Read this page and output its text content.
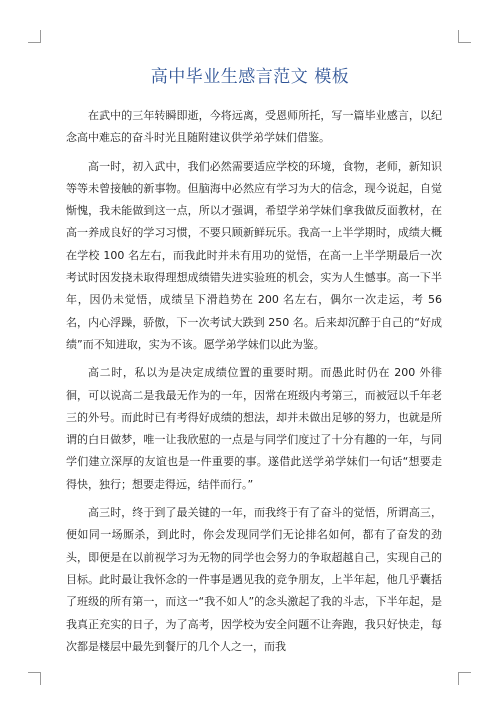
高中毕业生感言范文 模板

在武中的三年转瞬即逝，今将远离，受恩师所托，写一篇毕业感言，以纪念高中难忘的奋斗时光且随附建议供学弟学妹们借鉴。

高一时，初入武中，我们必然需要适应学校的环境，食物，老师，新知识等等未曾接触的新事物。但脑海中必然应有学习为大的信念，现今说起，自觉惭愧，我未能做到这一点，所以才强调，希望学弟学妹们拿我做反面教材，在高一养成良好的学习习惯，不要只顾新鲜玩乐。我高一上半学期时，成绩大概在学校 100 名左右，而我此时并未有用功的觉悟，在高一上半学期最后一次考试时因发挠未取得理想成绩错失进实验班的机会，实为人生憾事。高一下半年，因仍未觉悟，成绩呈下滑趋势在 200 名左右，偶尔一次走运，考 56 名，内心浮躁，骄傲，下一次考试大跌到 250 名。后来却沉醉于自己的“好成绩”而不知进取，实为不该。愿学弟学妹们以此为鉴。

高二时，私以为是决定成绩位置的重要时期。而愚此时仍在 200 外徘徊，可以说高二是我最无作为的一年，因常在班级内考第三，而被冠以千年老三的外号。而此时已有考得好成绩的想法，却并未做出足够的努力，也就是所谓的白日做梦，唯一让我欣慰的一点是与同学们度过了十分有趣的一年，与同学们建立深厚的友谊也是一件重要的事。遂借此送学弟学妹们一句话“想要走得快，独行；想要走得远，结伴而行。”

高三时，终于到了最关键的一年，而我终于有了奋斗的觉悟，所谓高三，便如同一场厮杀，到此时，你会发现同学们无论排名如何，都有了奋发的劲头，即便是在以前视学习为无物的同学也会努力的争取超越自己，实现自己的目标。此时最让我怀念的一件事是遇见我的竞争朋友，上半年起，他几乎囊括了班级的所有第一，而这一“我不如人”的念头激起了我的斗志，下半年起，是我真正充实的日子，为了高考，因学校为安全问题不让奔跑，我只好快走，每次都是楼层中最先到餐厅的几个人之一，而我
